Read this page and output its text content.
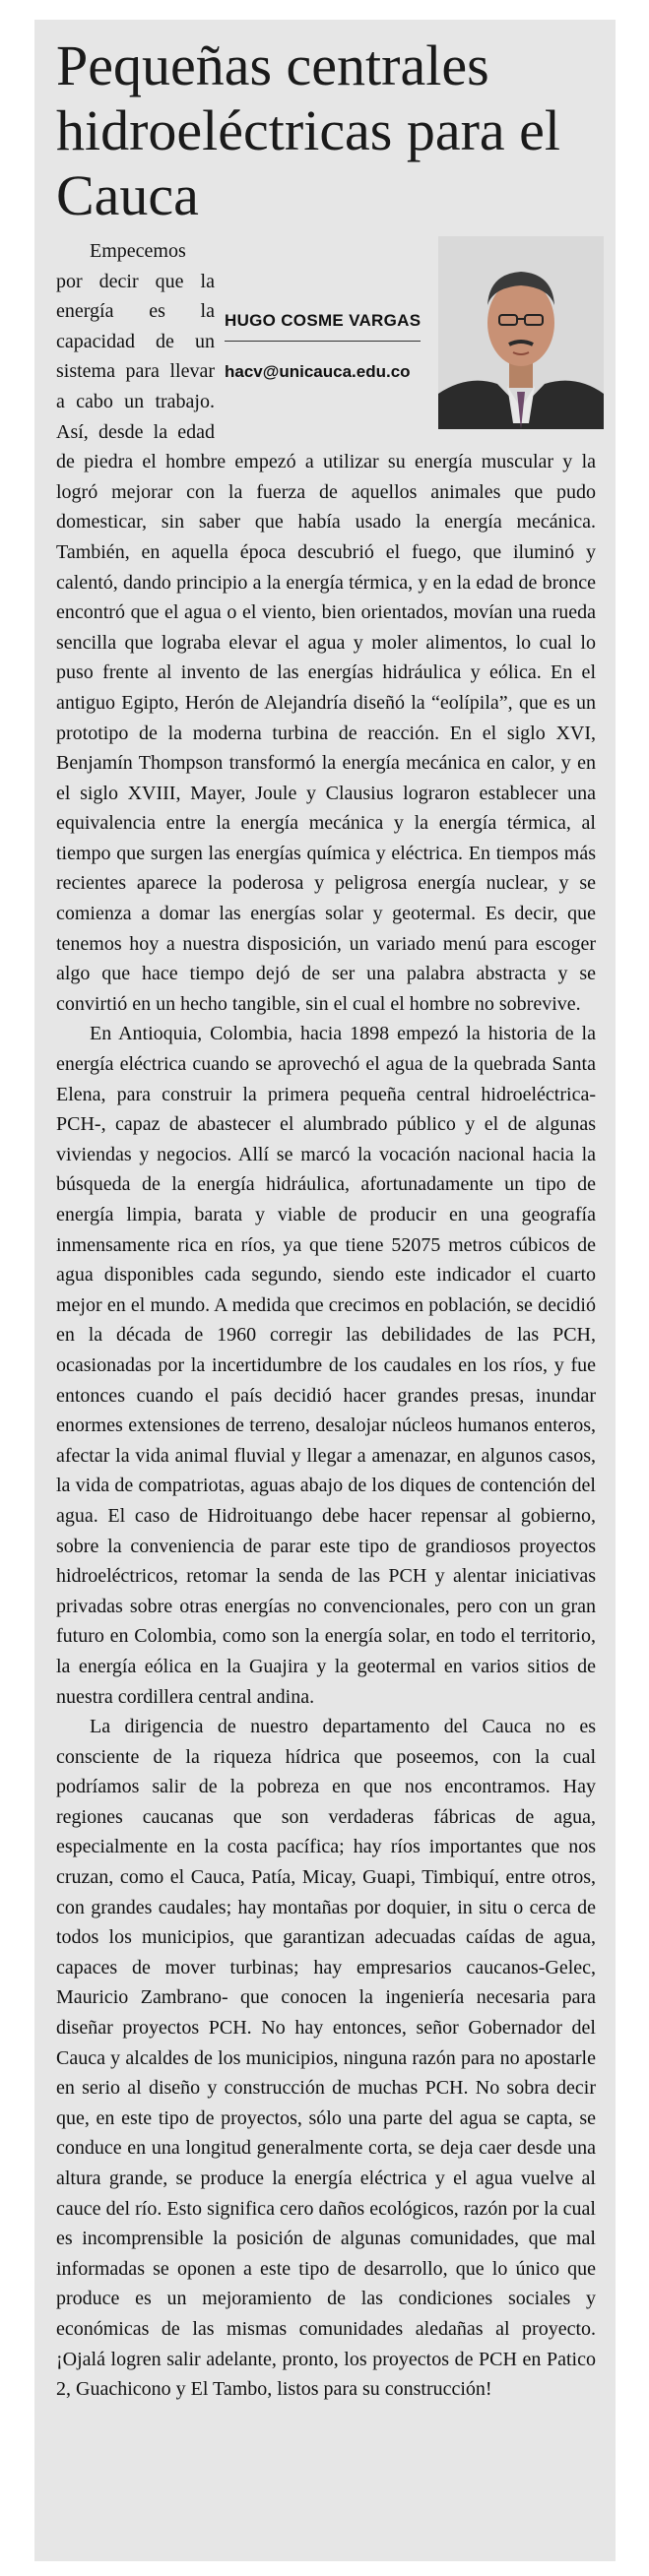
Pequeñas centrales hidroeléctricas para el Cauca
HUGO COSME VARGAS
hacv@unicauca.edu.co

Empecemos por decir que la energía es la capacidad de un sistema para llevar a cabo un trabajo. Así, desde la edad de piedra el hombre empezó a utilizar su energía muscular y la logró mejorar con la fuerza de aquellos animales que pudo domesticar, sin saber que había usado la energía mecánica. También, en aquella época descubrió el fuego, que iluminó y calentó, dando principio a la energía térmica, y en la edad de bronce encontró que el agua o el viento, bien orientados, movían una rueda sencilla que lograba elevar el agua y moler alimentos, lo cual lo puso frente al invento de las energías hidráulica y eólica. En el antiguo Egipto, Herón de Alejandría diseñó la “eolípila”, que es un prototipo de la moderna turbina de reacción. En el siglo XVI, Benjamín Thompson transformó la energía mecánica en calor, y en el siglo XVIII, Mayer, Joule y Clausius lograron establecer una equivalencia entre la energía mecánica y la energía térmica, al tiempo que surgen las energías química y eléctrica. En tiempos más recientes aparece la poderosa y peligrosa energía nuclear, y se comienza a domar las energías solar y geotermal. Es decir, que tenemos hoy a nuestra disposición, un variado menú para escoger algo que hace tiempo dejó de ser una palabra abstracta y se convirtió en un hecho tangible, sin el cual el hombre no sobrevive.

En Antioquia, Colombia, hacia 1898 empezó la historia de la energía eléctrica cuando se aprovechó el agua de la quebrada Santa Elena, para construir la primera pequeña central hidroeléctrica-PCH-, capaz de abastecer el alumbrado público y el de algunas viviendas y negocios. Allí se marcó la vocación nacional hacia la búsqueda de la energía hidráulica, afortunadamente un tipo de energía limpia, barata y viable de producir en una geografía inmensamente rica en ríos, ya que tiene 52075 metros cúbicos de agua disponibles cada segundo, siendo este indicador el cuarto mejor en el mundo. A medida que crecimos en población, se decidió en la década de 1960 corregir las debilidades de las PCH, ocasionadas por la incertidumbre de los caudales en los ríos, y fue entonces cuando el país decidió hacer grandes presas, inundar enormes extensiones de terreno, desalojar núcleos humanos enteros, afectar la vida animal fluvial y llegar a amenazar, en algunos casos, la vida de compatriotas, aguas abajo de los diques de contención del agua. El caso de Hidroituango debe hacer repensar al gobierno, sobre la conveniencia de parar este tipo de grandiosos proyectos hidroeléctricos, retomar la senda de las PCH y alentar iniciativas privadas sobre otras energías no convencionales, pero con un gran futuro en Colombia, como son la energía solar, en todo el territorio, la energía eólica en la Guajira y la geotermal en varios sitios de nuestra cordillera central andina.

La dirigencia de nuestro departamento del Cauca no es consciente de la riqueza hídrica que poseemos, con la cual podríamos salir de la pobreza en que nos encontramos. Hay regiones caucanas que son verdaderas fábricas de agua, especialmente en la costa pacífica; hay ríos importantes que nos cruzan, como el Cauca, Patía, Micay, Guapi, Timbiquí, entre otros, con grandes caudales; hay montañas por doquier, in situ o cerca de todos los municipios, que garantizan adecuadas caídas de agua, capaces de mover turbinas; hay empresarios caucanos-Gelec, Mauricio Zambrano- que conocen la ingeniería necesaria para diseñar proyectos PCH. No hay entonces, señor Gobernador del Cauca y alcaldes de los municipios, ninguna razón para no apostarle en serio al diseño y construcción de muchas PCH. No sobra decir que, en este tipo de proyectos, sólo una parte del agua se capta, se conduce en una longitud generalmente corta, se deja caer desde una altura grande, se produce la energía eléctrica y el agua vuelve al cauce del río. Esto significa cero daños ecológicos, razón por la cual es incomprensible la posición de algunas comunidades, que mal informadas se oponen a este tipo de desarrollo, que lo único que produce es un mejoramiento de las condiciones sociales y económicas de las mismas comunidades aledañas al proyecto. ¡Ojalá logren salir adelante, pronto, los proyectos de PCH en Patico 2, Guachicono y El Tambo, listos para su construcción!
